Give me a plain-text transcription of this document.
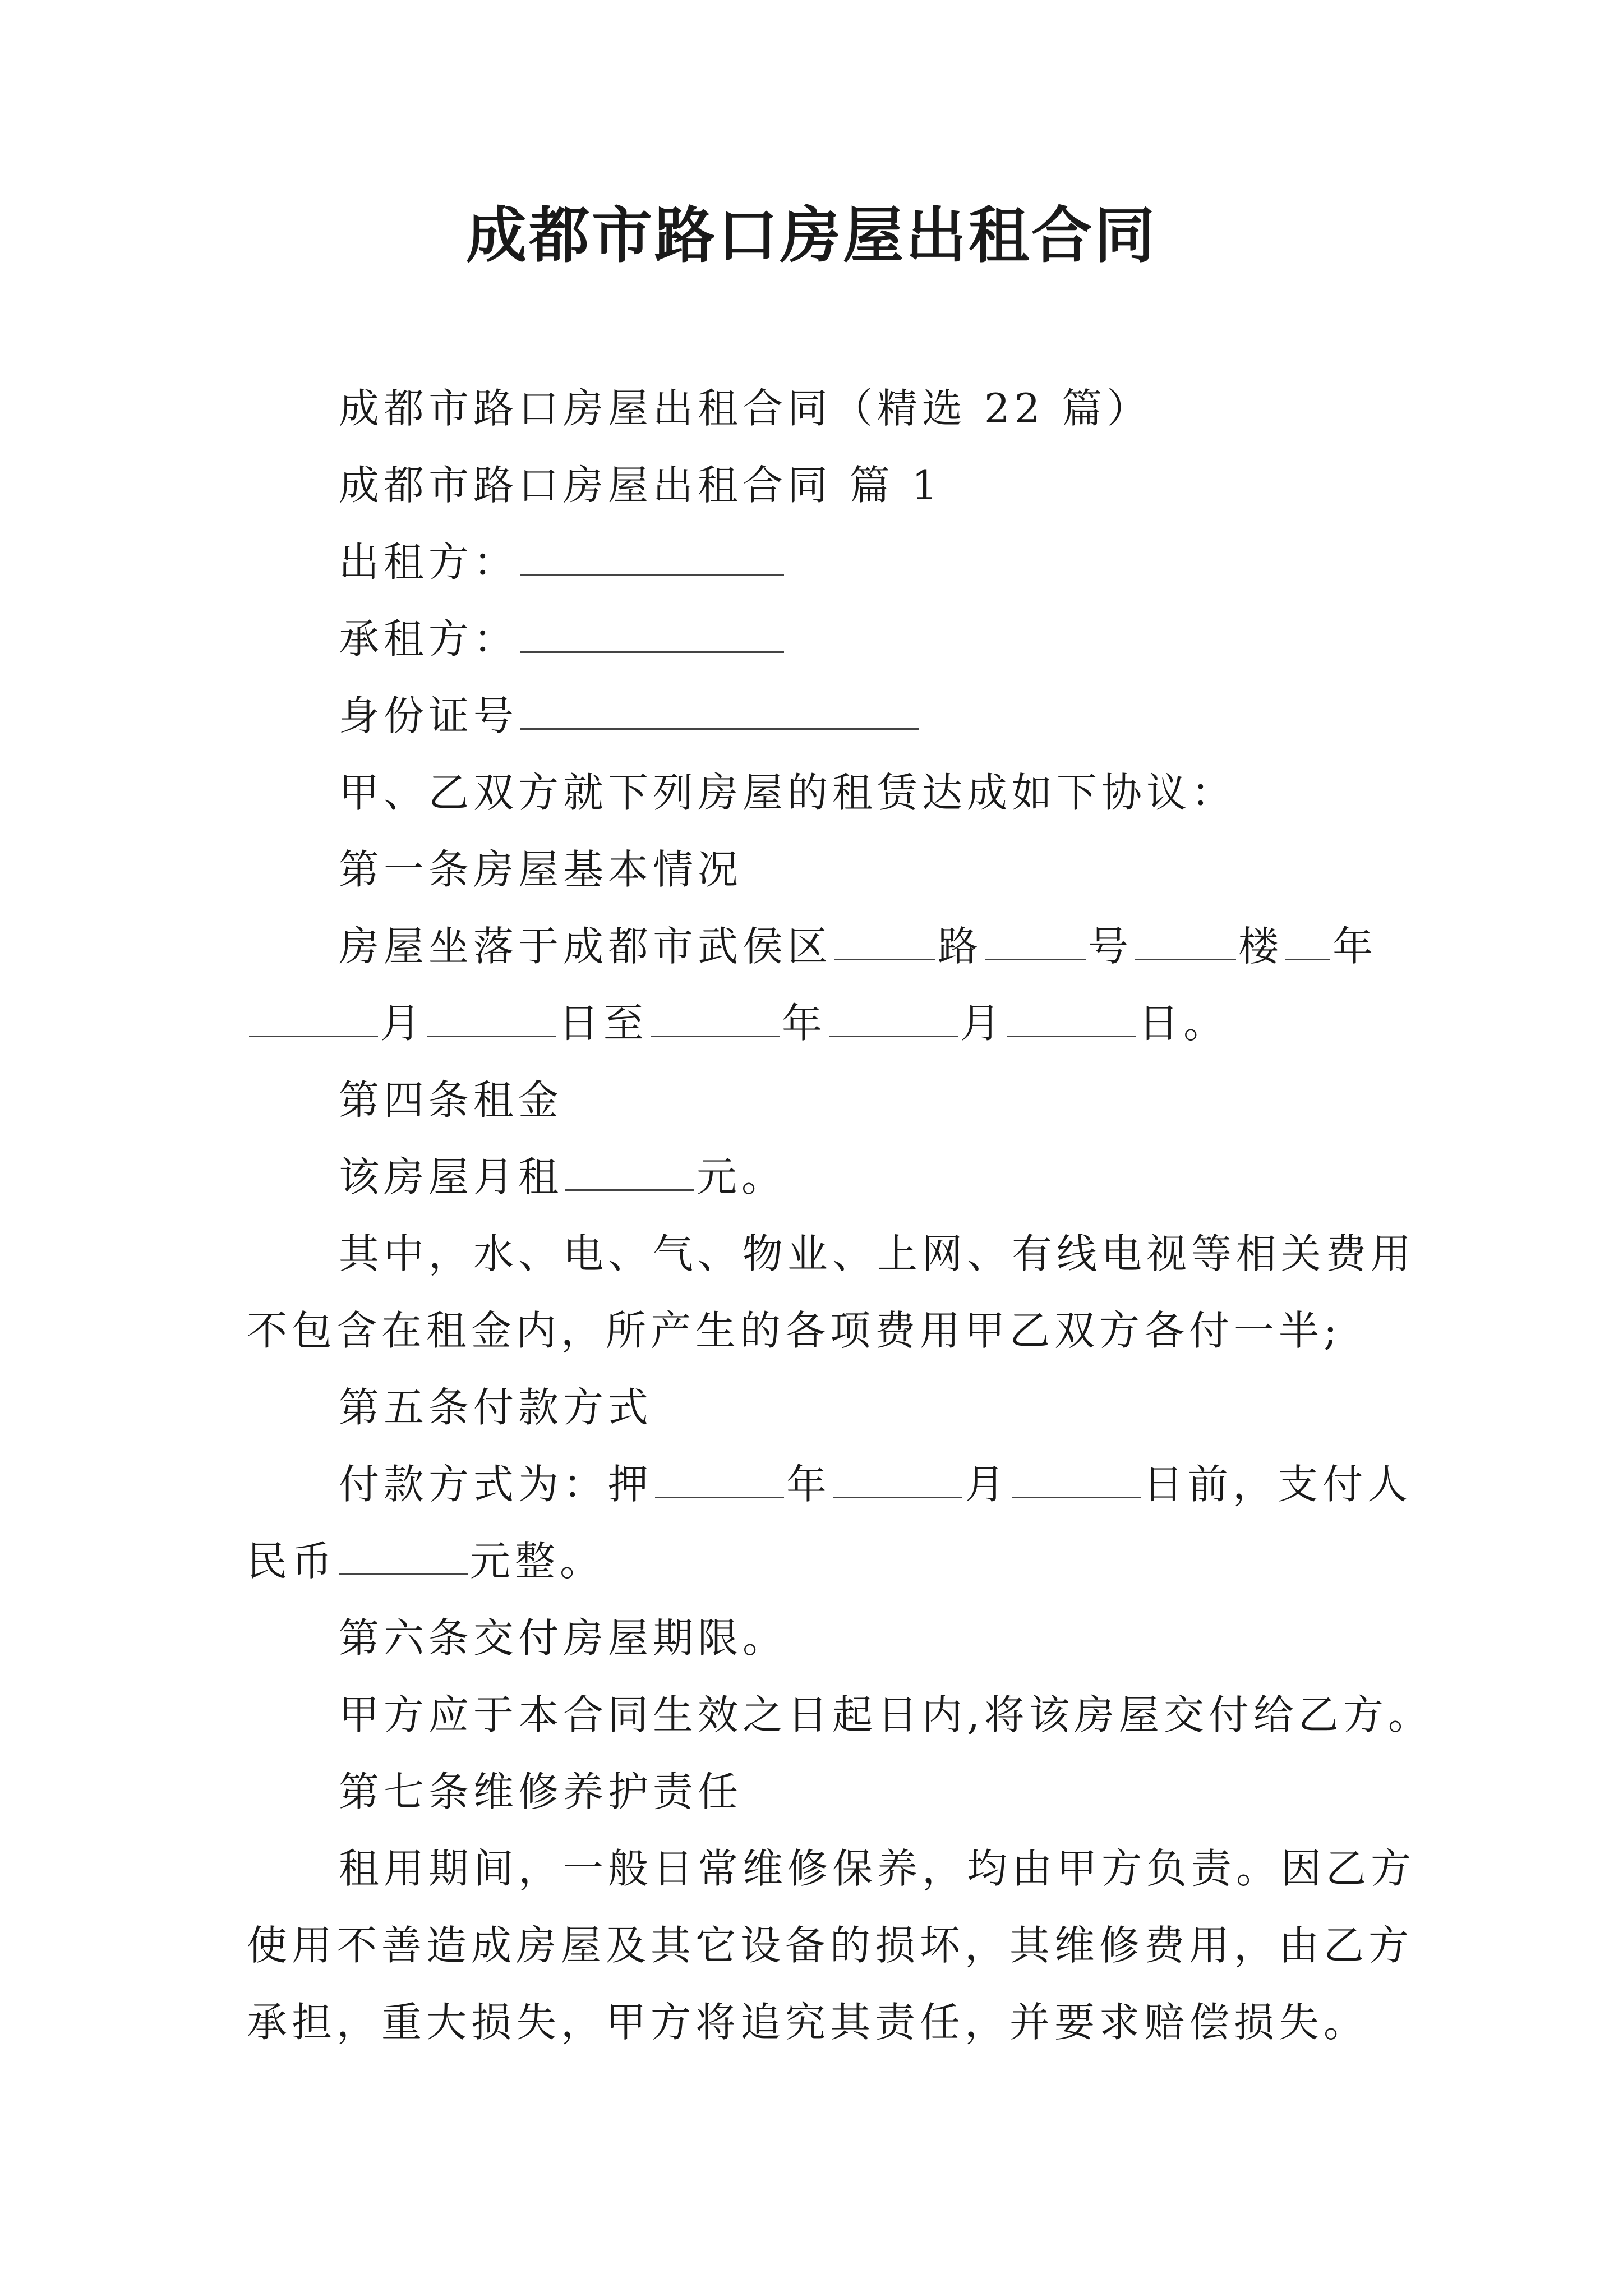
成都市路口房屋出租合同

成都市路口房屋出租合同（精选 22 篇）

成都市路口房屋出租合同 篇 1

出租方：

承租方：

身份证号

甲、乙双方就下列房屋的租赁达成如下协议：

第一条房屋基本情况

房屋坐落于成都市武侯区	路	号	楼 年

月	日至	年	月	日。

第四条租金

该房屋月租	元。

其中，水、电、气、物业、上网、有线电视等相关费用

不包含在租金内，所产生的各项费用甲乙双方各付一半;

第五条付款方式

付款方式为：押	年	月	日前，支付人

民币	元整。

第六条交付房屋期限。

甲方应于本合同生效之日起日内,将该房屋交付给乙方。

第七条维修养护责任

租用期间，一般日常维修保养，均由甲方负责。因乙方

使用不善造成房屋及其它设备的损坏，其维修费用，由乙方

承担，重大损失，甲方将追究其责任，并要求赔偿损失。
